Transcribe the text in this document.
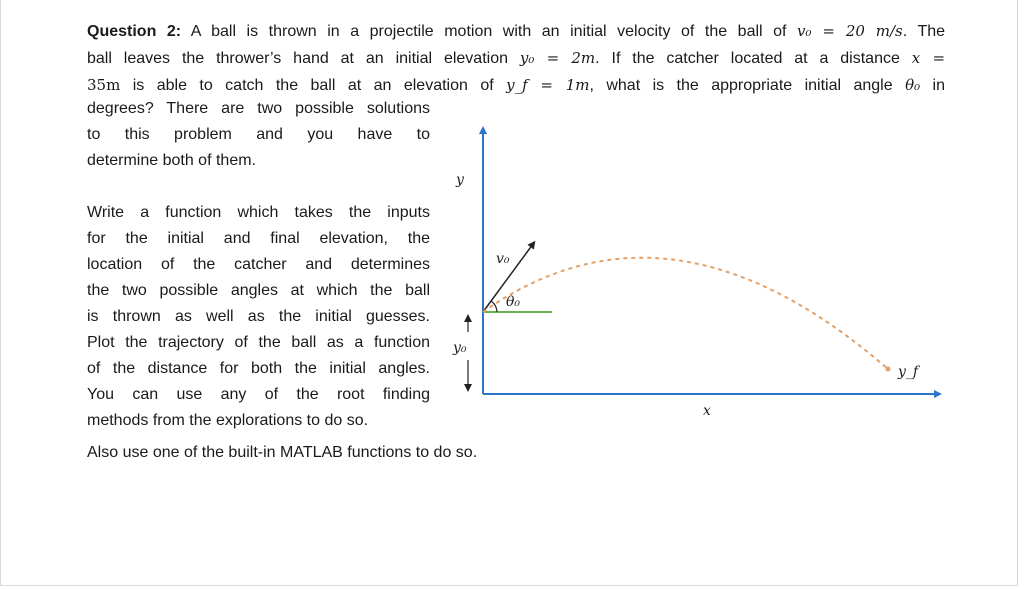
Question 2: A ball is thrown in a projectile motion with an initial velocity of the ball of v₀ = 20 m/s. The
ball leaves the thrower’s hand at an initial elevation y₀ = 2m. If the catcher located at a distance x =
35m is able to catch the ball at an elevation of y_f = 1m, what is the appropriate initial angle θ₀ in
degrees? There are two possible solutions
to this problem and you have to
determine both of them.
Write a function which takes the inputs
for the initial and final elevation, the
location of the catcher and determines
the two possible angles at which the ball
is thrown as well as the initial guesses.
Plot the trajectory of the ball as a function
of the distance for both the initial angles.
You can use any of the root finding
methods from the explorations to do so.
Also use one of the built-in MATLAB functions to do so.
y
x
v₀
θ₀
y₀
y_f
